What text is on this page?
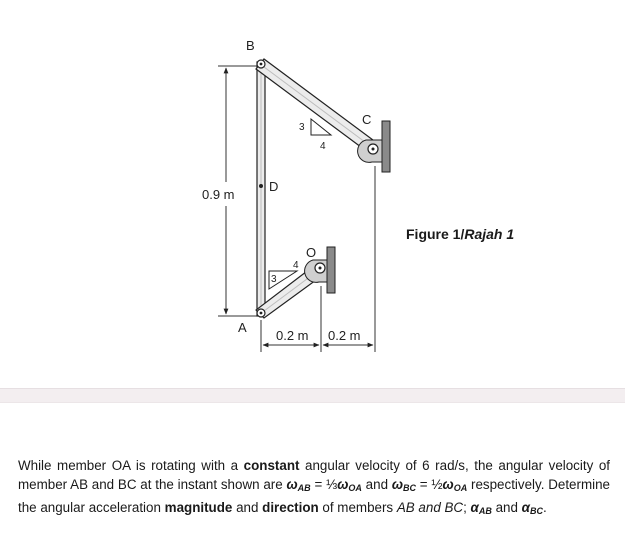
0.9 m
3
4
3
4
B
C
D
O
A
0.2 m 0.2 m
Figure 1/Rajah 1
While member OA is rotating with a constant angular velocity of 6 rad/s, the angular velocity of member AB and BC at the instant shown are $\omega_{AB}$ = $\frac{1}{3}\omega_{OA}$ and $\omega_{BC}$ = $\frac{1}{2}\omega_{OA}$ respectively. Determine the angular acceleration magnitude and direction of members AB and BC; $\alpha_{AB}$ and $\alpha_{BC}$.
